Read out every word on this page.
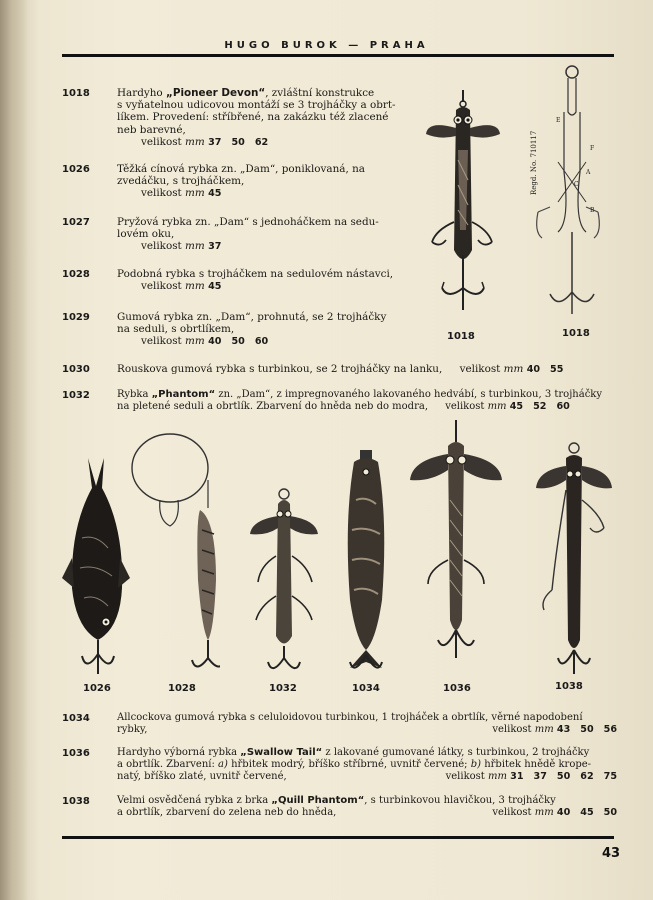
HUGO BUROK — PRAHA
1018	Hardyho „Pioneer Devon“, zvláštní konstrukce
s vyňatelnou udicovou montáží se 3 trojháčky a obrt-
líkem. Provedení: stříbřené, na zakázku též zlacené
neb barevné,
velikost mm 37   50   62
1026	Těžká cínová rybka zn. „Dam“, poniklovaná, na
zvedáčku, s trojháčkem,
velikost mm 45
1027	Pryžová rybka zn. „Dam“ s jednoháčkem na sedu-
lovém oku,
velikost mm 37
1028	Podobná rybka s trojháčkem na sedulovém nástavci,
velikost mm 45
1029	Gumová rybka zn. „Dam“, prohnutá, se 2 trojháčky
na seduli, s obrtlíkem,
velikost mm 40   50   60
1030	Rouskova gumová rybka s turbinkou, se 2 trojháčky na lanku, velikost mm 40   55
1032	Rybka „Phantom“ zn. „Dam“, z impregnovaného lakovaného hedvábí, s turbinkou, 3 trojháčky
na pletené seduli a obrtlík. Zbarvení do hněda neb do modra, velikost mm 45   52   60
1018
E
F
A
C
B
Regd. No. 710117
1018
1026	1028	1032	1034	1036	1038
1034	Allcockova gumová rybka s celuloidovou turbinkou, 1 trojháček a obrtlík, věrné napodobení
rybky,	velikost mm 43   50   56
1036	Hardyho výborná rybka „Swallow Tail“ z lakované gumované látky, s turbinkou, 2 trojháčky
a obrtlík. Zbarvení: a) hřbitek modrý, bříško stříbrné, uvnitř červené; b) hřbitek hnědě kropе-
natý, bříško zlaté, uvnitř červené,	velikost mm 31   37   50   62   75
1038	Velmi osvědčená rybka z brka „Quill Phantom“, s turbinkovou hlavičkou, 3 trojháčky
a obrtlík, zbarvení do zelena neb do hněda,	velikost mm 40   45   50
43
